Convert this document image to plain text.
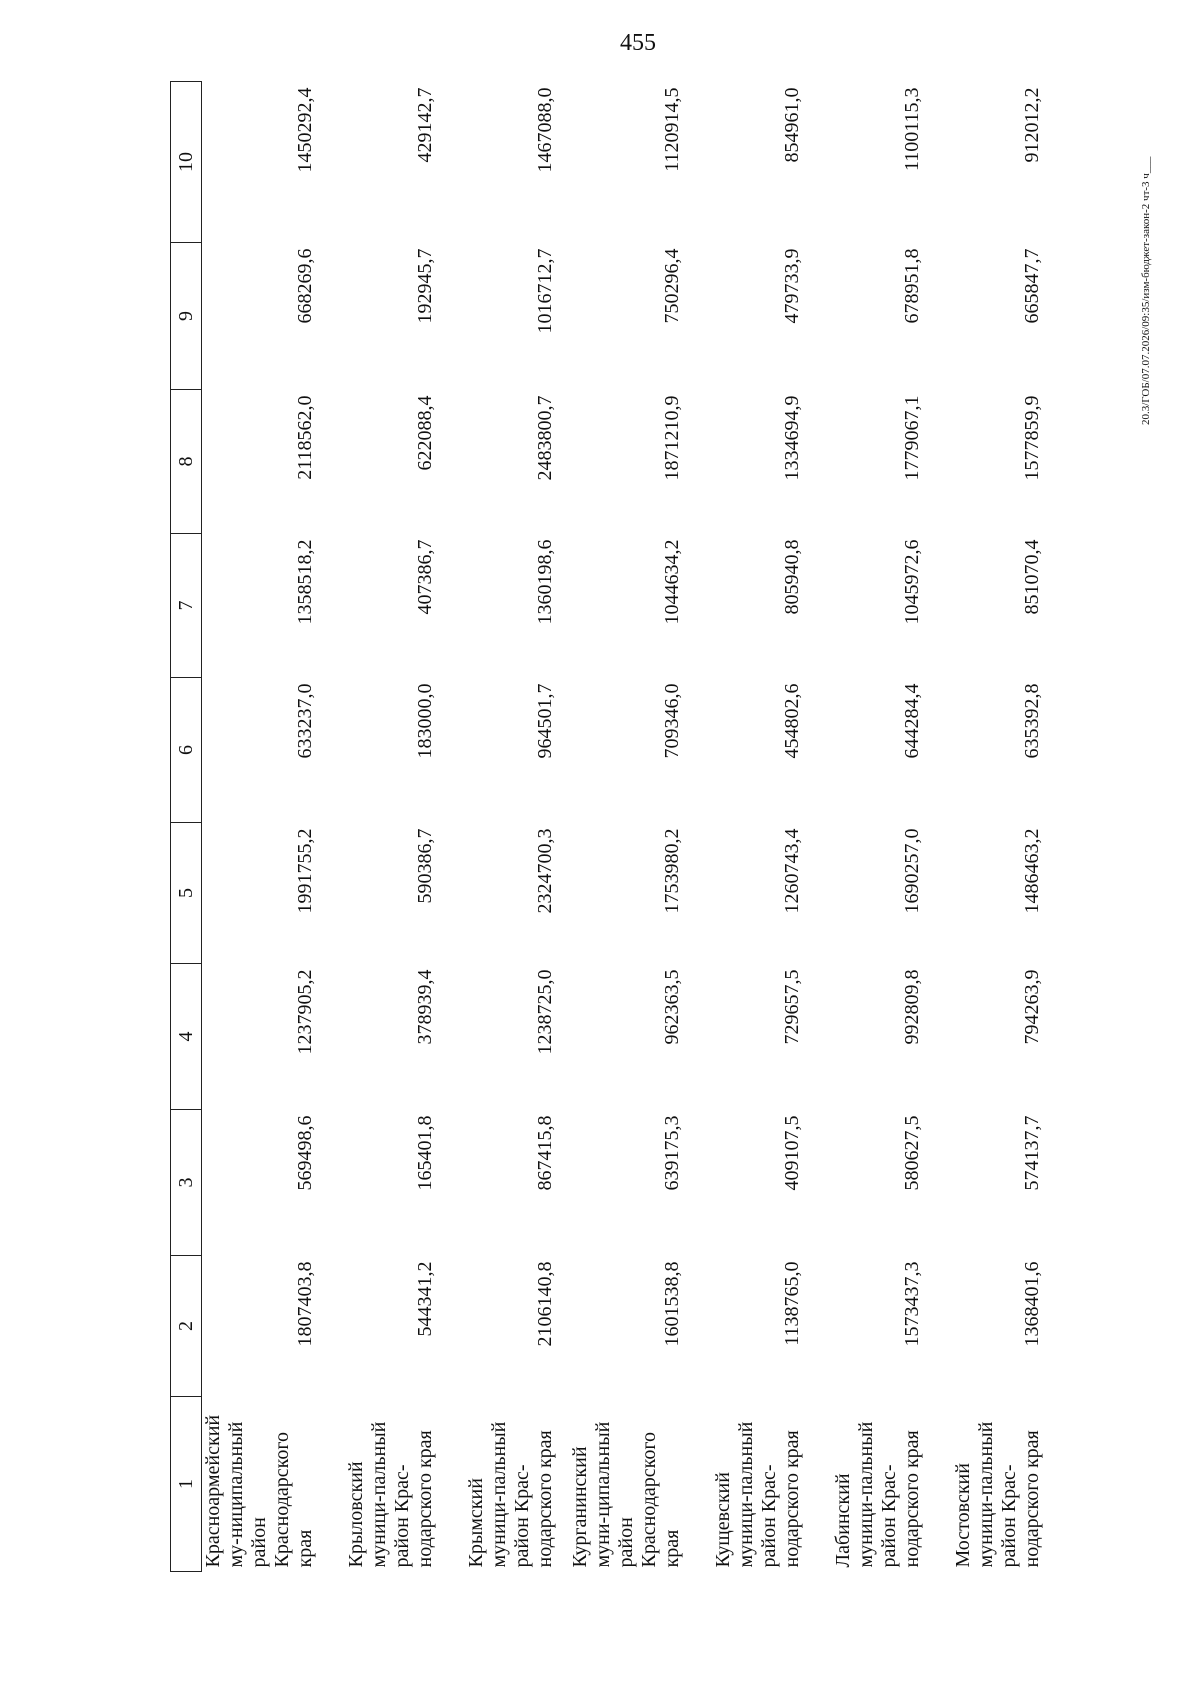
455
20.3/ГОБ/07.07.2026/09:35/изм-бюджет-закон-2 чт-3 ч___
1	2	3	4	5	6	7	8	9	10
Красноармейский му-ниципальный район Краснодарского края	1807403,8	569498,6	1237905,2	1991755,2	633237,0	1358518,2	2118562,0	668269,6	1450292,4
Крыловский муници-пальный район Крас-нодарского края	544341,2	165401,8	378939,4	590386,7	183000,0	407386,7	622088,4	192945,7	429142,7
Крымский муници-пальный район Крас-нодарского края	2106140,8	867415,8	1238725,0	2324700,3	964501,7	1360198,6	2483800,7	1016712,7	1467088,0
Курганинский муни-ципальный район Краснодарского края	1601538,8	639175,3	962363,5	1753980,2	709346,0	1044634,2	1871210,9	750296,4	1120914,5
Кущевский муници-пальный район Крас-нодарского края	1138765,0	409107,5	729657,5	1260743,4	454802,6	805940,8	1334694,9	479733,9	854961,0
Лабинский муници-пальный район Крас-нодарского края	1573437,3	580627,5	992809,8	1690257,0	644284,4	1045972,6	1779067,1	678951,8	1100115,3
Мостовский муници-пальный район Крас-нодарского края	1368401,6	574137,7	794263,9	1486463,2	635392,8	851070,4	1577859,9	665847,7	912012,2
